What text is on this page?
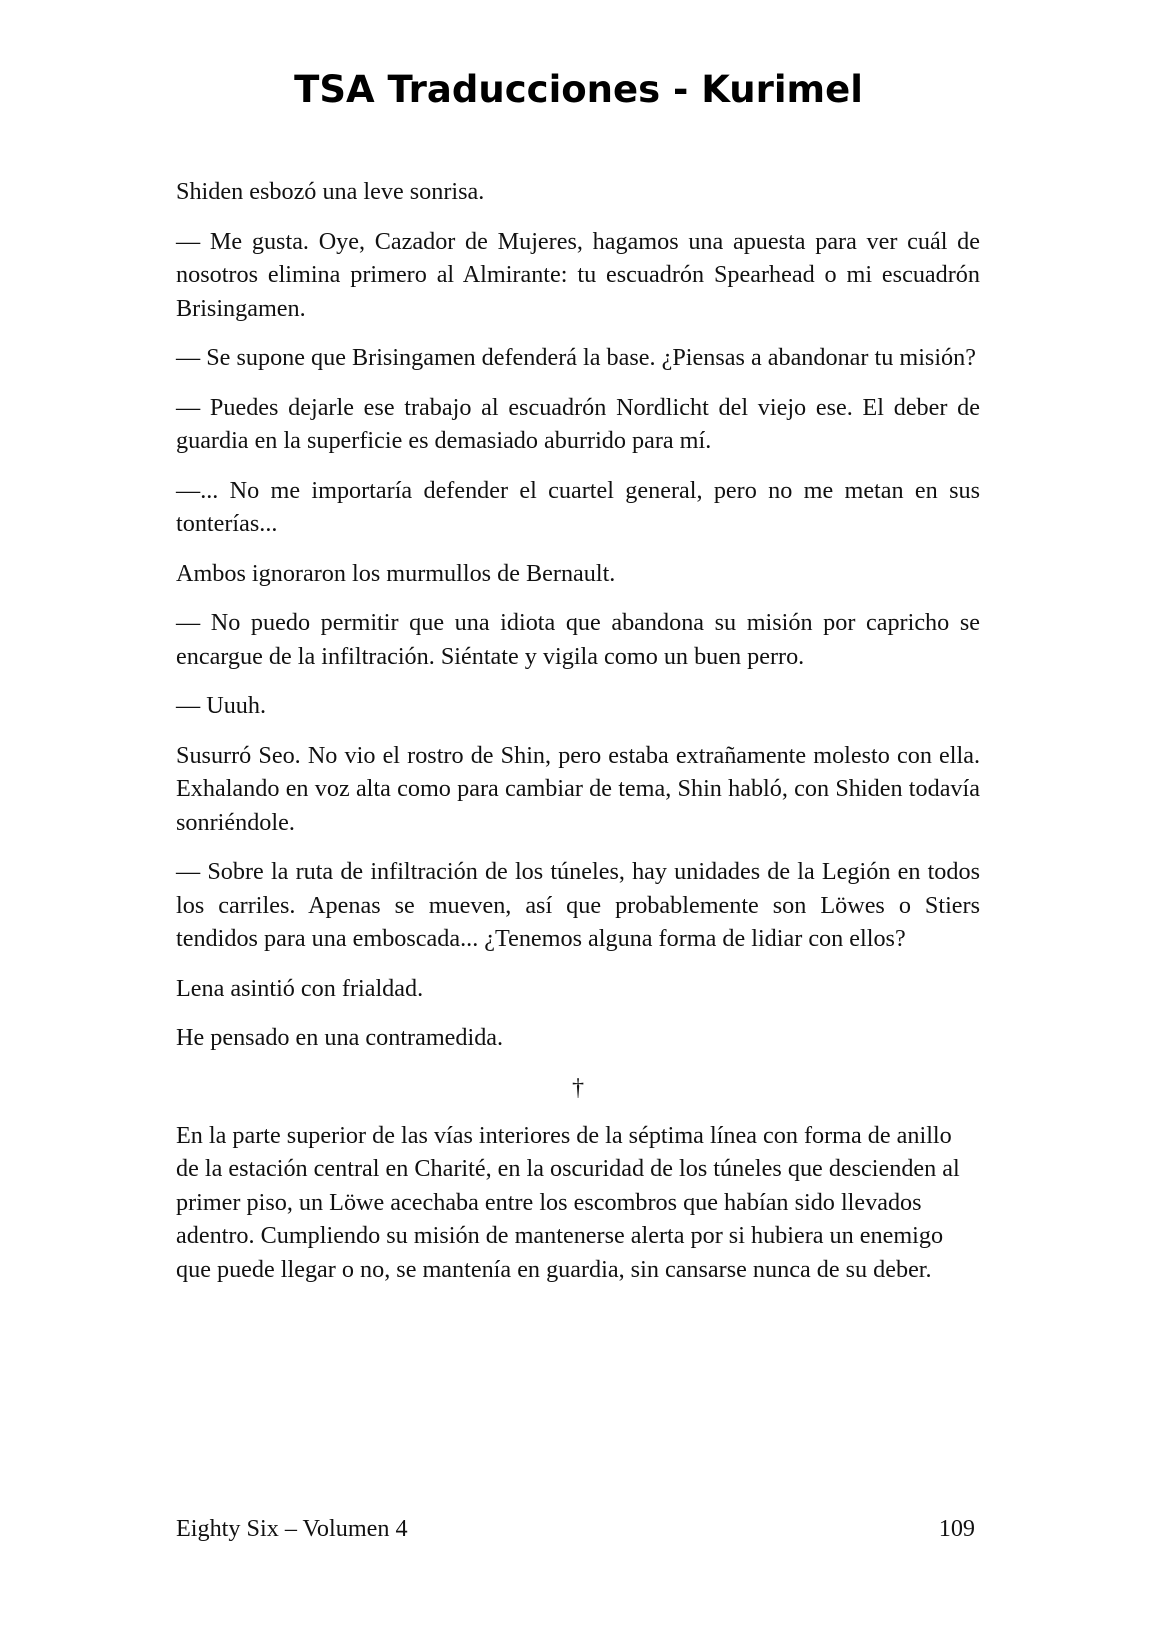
TSA Traducciones - Kurimel

Shiden esbozó una leve sonrisa.

— Me gusta. Oye, Cazador de Mujeres, hagamos una apuesta para ver cuál de nosotros elimina primero al Almirante: tu escuadrón Spearhead o mi escuadrón Brisingamen.

— Se supone que Brisingamen defenderá la base. ¿Piensas a abandonar tu misión?

— Puedes dejarle ese trabajo al escuadrón Nordlicht del viejo ese. El deber de guardia en la superficie es demasiado aburrido para mí.

—... No me importaría defender el cuartel general, pero no me metan en sus tonterías...

Ambos ignoraron los murmullos de Bernault.

— No puedo permitir que una idiota que abandona su misión por capricho se encargue de la infiltración. Siéntate y vigila como un buen perro.

— Uuuh.

Susurró Seo. No vio el rostro de Shin, pero estaba extrañamente molesto con ella. Exhalando en voz alta como para cambiar de tema, Shin habló, con Shiden todavía sonriéndole.

— Sobre la ruta de infiltración de los túneles, hay unidades de la Legión en todos los carriles. Apenas se mueven, así que probablemente son Löwes o Stiers tendidos para una emboscada... ¿Tenemos alguna forma de lidiar con ellos?

Lena asintió con frialdad.

He pensado en una contramedida.

†

En la parte superior de las vías interiores de la séptima línea con forma de anillo de la estación central en Charité, en la oscuridad de los túneles que descienden al primer piso, un Löwe acechaba entre los escombros que habían sido llevados adentro. Cumpliendo su misión de mantenerse alerta por si hubiera un enemigo que puede llegar o no, se mantenía en guardia, sin cansarse nunca de su deber.

Eighty Six – Volumen 4	109
